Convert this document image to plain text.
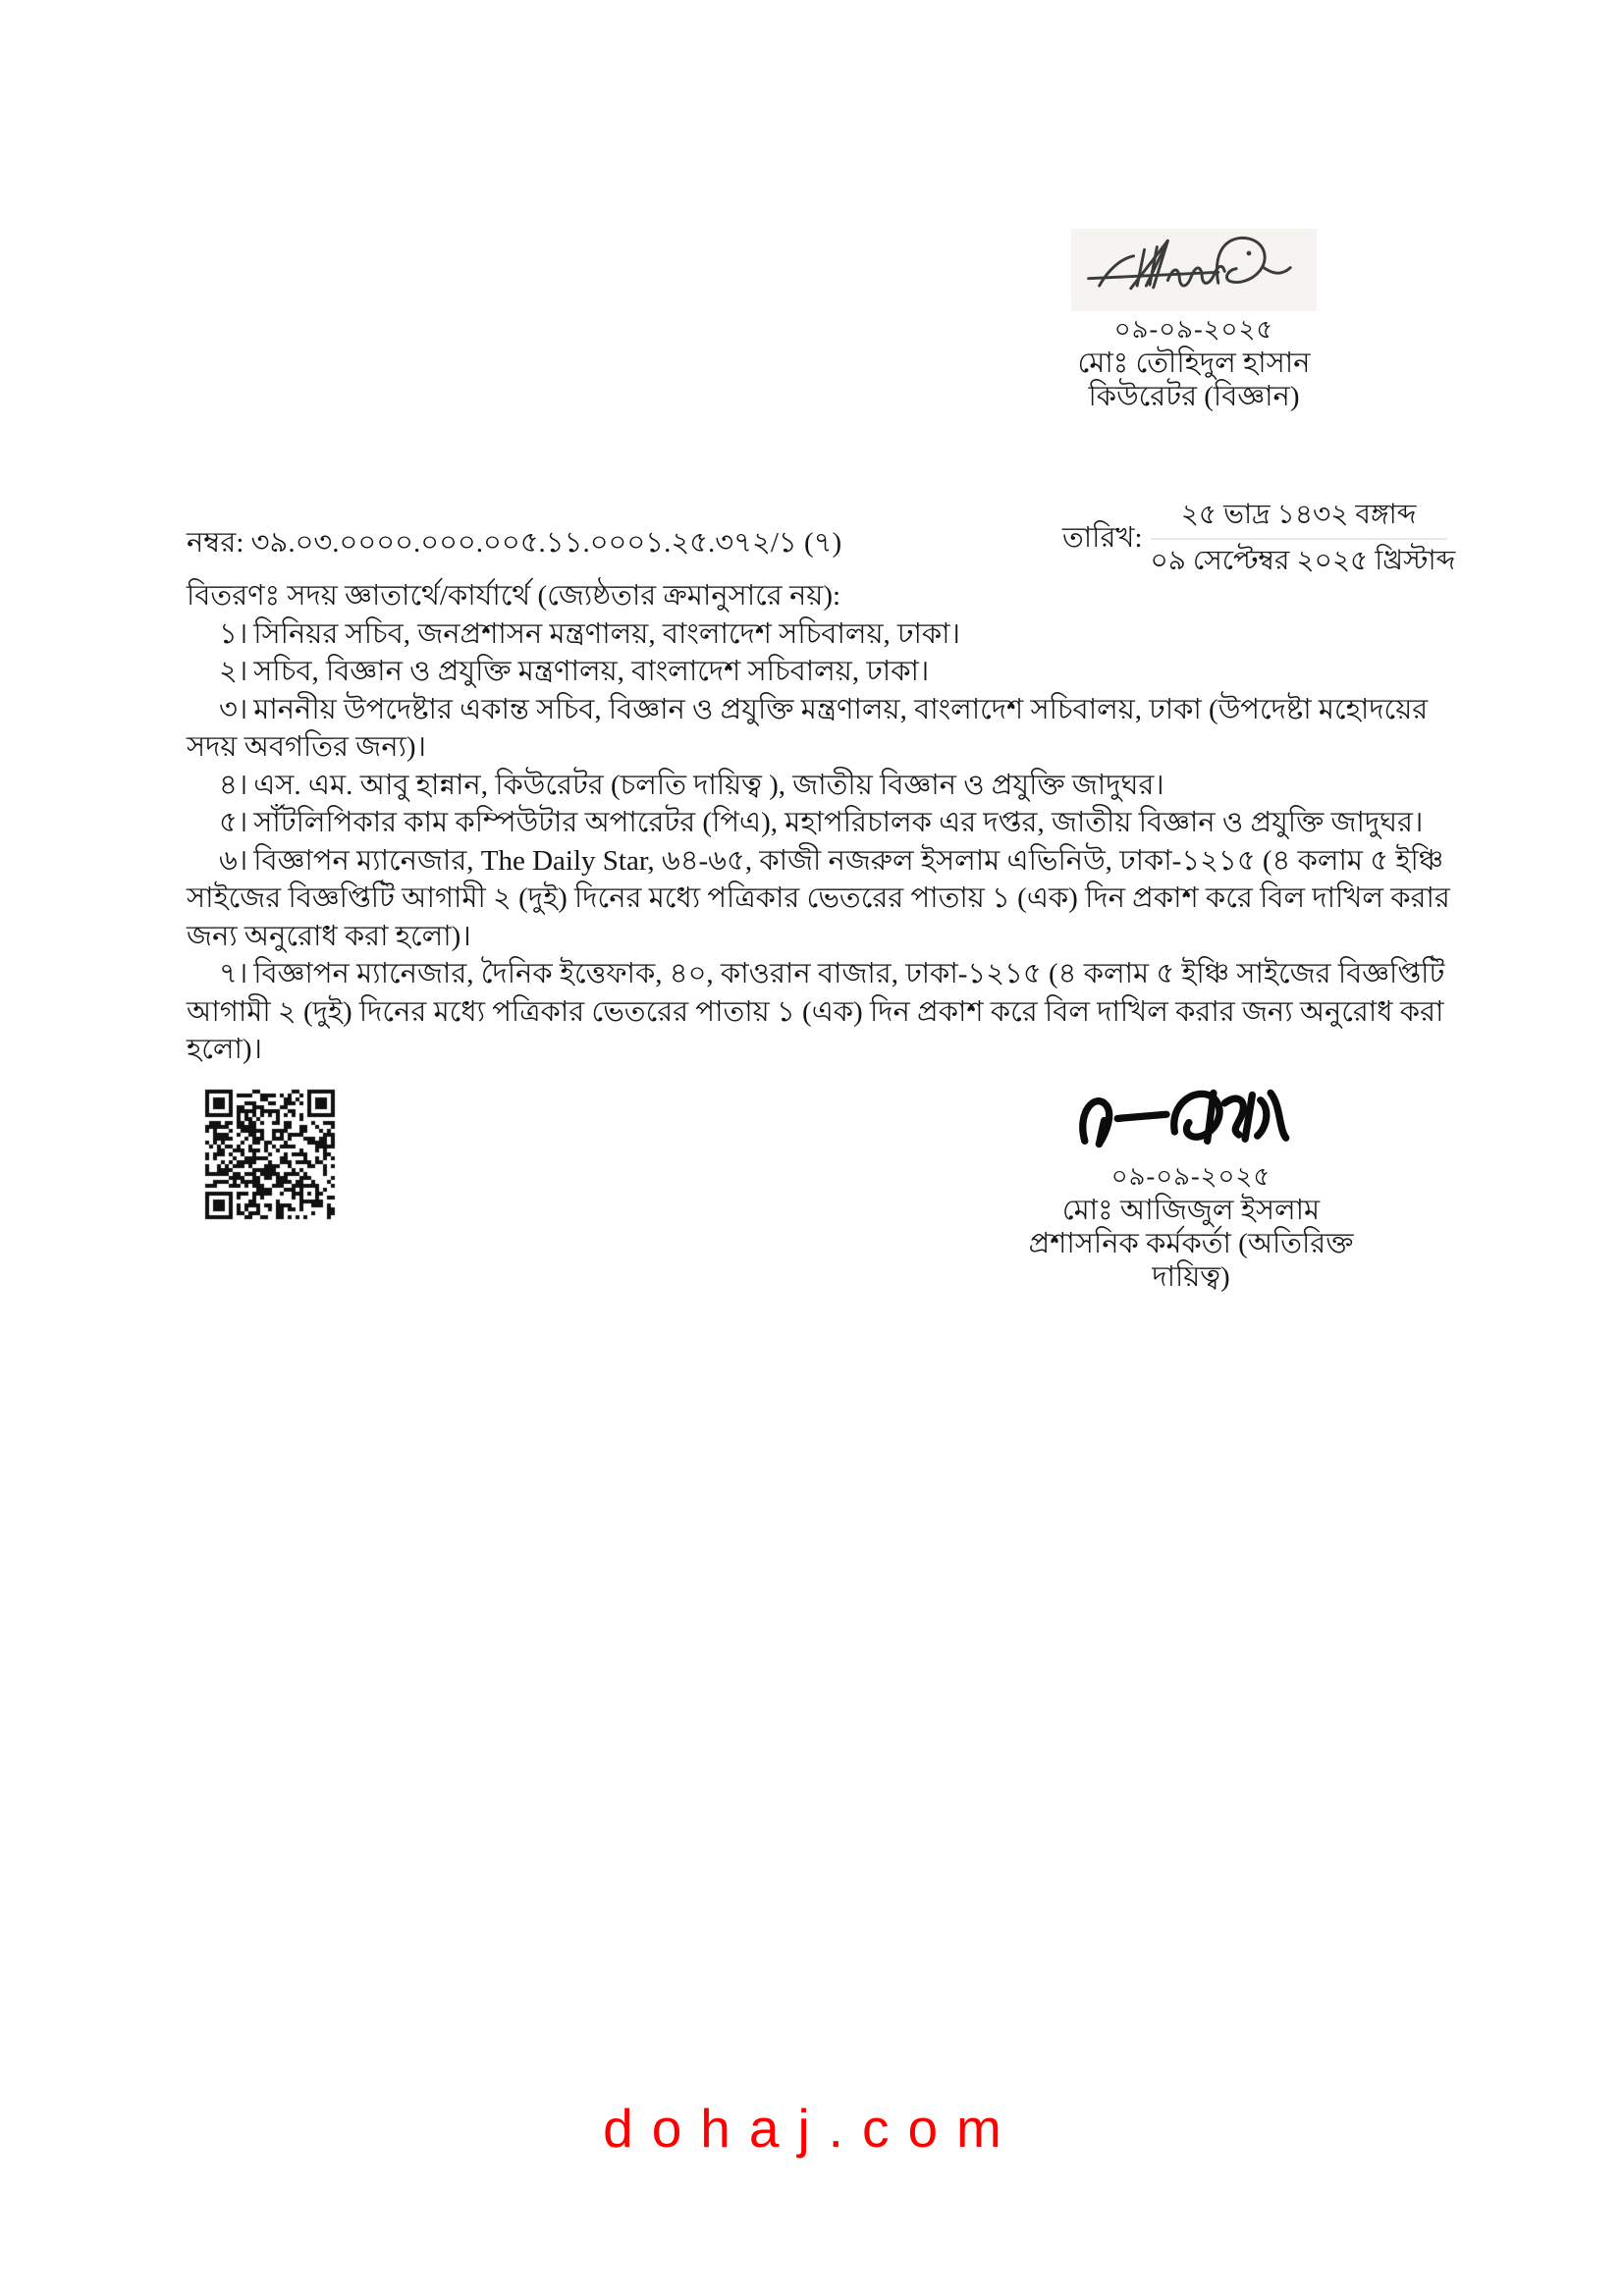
০৯-০৯-২০২৫
মোঃ তৌহিদুল হাসান
কিউরেটর (বিজ্ঞান)
নম্বর: ৩৯.০৩.০০০০.০০০.০০৫.১১.০০০১.২৫.৩৭২/১ (৭)	তারিখ:
২৫ ভাদ্র ১৪৩২ বঙ্গাব্দ
০৯ সেপ্টেম্বর ২০২৫ খ্রিস্টাব্দ

বিতরণঃ সদয় জ্ঞাতার্থে/কার্যার্থে (জ্যেষ্ঠতার ক্রমানুসারে নয়):

১। সিনিয়র সচিব, জনপ্রশাসন মন্ত্রণালয়, বাংলাদেশ সচিবালয়, ঢাকা।

২। সচিব, বিজ্ঞান ও প্রযুক্তি মন্ত্রণালয়, বাংলাদেশ সচিবালয়, ঢাকা।

৩। মাননীয় উপদেষ্টার একান্ত সচিব, বিজ্ঞান ও প্রযুক্তি মন্ত্রণালয়, বাংলাদেশ সচিবালয়, ঢাকা (উপদেষ্টা মহোদয়ের সদয় অবগতির জন্য)।

৪। এস. এম. আবু হান্নান, কিউরেটর (চলতি দায়িত্ব ), জাতীয় বিজ্ঞান ও প্রযুক্তি জাদুঘর।

৫। সাঁটলিপিকার কাম কম্পিউটার অপারেটর (পিএ), মহাপরিচালক এর দপ্তর, জাতীয় বিজ্ঞান ও প্রযুক্তি জাদুঘর।

৬। বিজ্ঞাপন ম্যানেজার, The Daily Star, ৬৪-৬৫, কাজী নজরুল ইসলাম এভিনিউ, ঢাকা-১২১৫ (৪ কলাম ৫ ইঞ্চি সাইজের বিজ্ঞপ্তিটি আগামী ২ (দুই) দিনের মধ্যে পত্রিকার ভেতরের পাতায় ১ (এক) দিন প্রকাশ করে বিল দাখিল করার জন্য অনুরোধ করা হলো)।

৭। বিজ্ঞাপন ম্যানেজার, দৈনিক ইত্তেফাক, ৪০, কাওরান বাজার, ঢাকা-১২১৫ (৪ কলাম ৫ ইঞ্চি সাইজের বিজ্ঞপ্তিটি আগামী ২ (দুই) দিনের মধ্যে পত্রিকার ভেতরের পাতায় ১ (এক) দিন প্রকাশ করে বিল দাখিল করার জন্য অনুরোধ করা হলো)।

০৯-০৯-২০২৫
মোঃ আজিজুল ইসলাম
প্রশাসনিক কর্মকর্তা (অতিরিক্ত দায়িত্ব)
dohaj.com
